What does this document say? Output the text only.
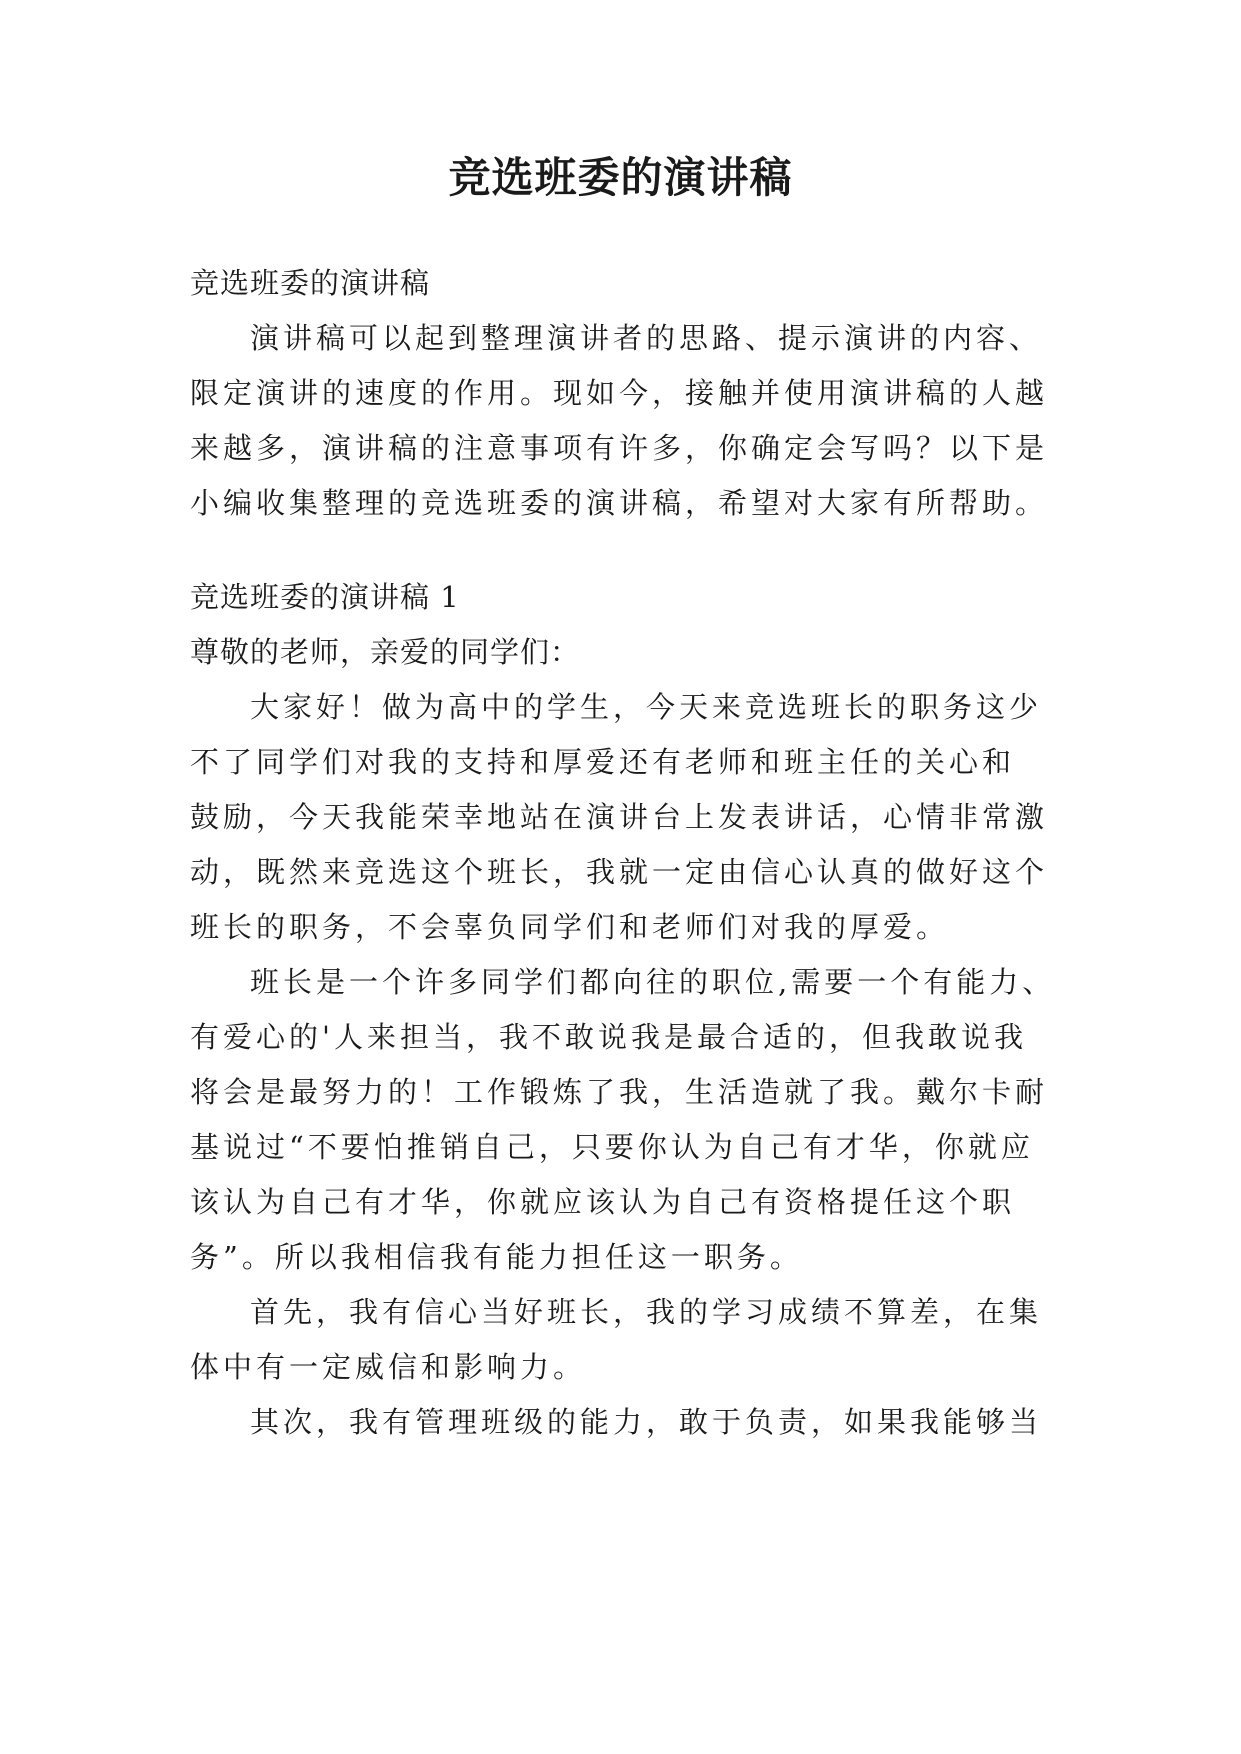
竞选班委的演讲稿
竞选班委的演讲稿
演讲稿可以起到整理演讲者的思路、提示演讲的内容、
限定演讲的速度的作用。现如今，接触并使用演讲稿的人越
来越多，演讲稿的注意事项有许多，你确定会写吗？以下是
小编收集整理的竞选班委的演讲稿，希望对大家有所帮助。
竞选班委的演讲稿 1
尊敬的老师，亲爱的同学们：
大家好！做为高中的学生，今天来竞选班长的职务这少
不了同学们对我的支持和厚爱还有老师和班主任的关心和
鼓励，今天我能荣幸地站在演讲台上发表讲话，心情非常激
动，既然来竞选这个班长，我就一定由信心认真的做好这个
班长的职务，不会辜负同学们和老师们对我的厚爱。
班长是一个许多同学们都向往的职位,需要一个有能力、
有爱心的'人来担当，我不敢说我是最合适的，但我敢说我
将会是最努力的！工作锻炼了我，生活造就了我。戴尔卡耐
基说过“不要怕推销自己，只要你认为自己有才华，你就应
该认为自己有才华，你就应该认为自己有资格提任这个职
务”。所以我相信我有能力担任这一职务。
首先，我有信心当好班长，我的学习成绩不算差，在集
体中有一定威信和影响力。
其次，我有管理班级的能力，敢于负责，如果我能够当
